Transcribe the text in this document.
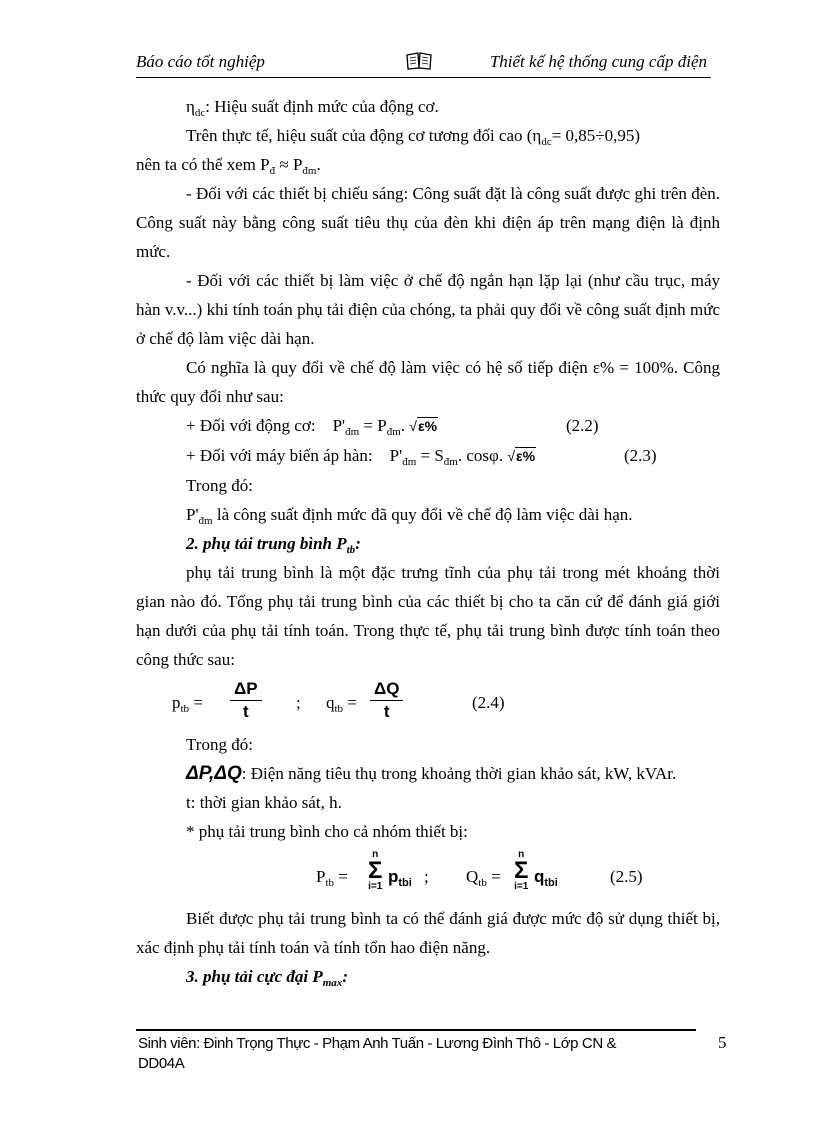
Báo cáo tốt nghiệp	Thiết kế hệ thống cung cấp điện

$\eta_{dc}$: Hiệu suất định mức của động cơ.

Trên thực tế, hiệu suất của động cơ tương đối cao $(\eta_{dc}= 0,85\div 0,95)$
nên ta có thể xem $P_đ \approx P_{đm}$.

- Đối với các thiết bị chiếu sáng: Công suất đặt là công suất được ghi trên đèn. Công suất này bằng công suất tiêu thụ của đèn khi điện áp trên mạng điện là định mức.

- Đối với các thiết bị làm việc ở chế độ ngắn hạn lặp lại (như cầu trục, máy hàn v.v...) khi tính toán phụ tải điện của chóng, ta phải quy đổi về công suất định mức ở chế độ làm việc dài hạn.

Có nghĩa là quy đổi về chế độ làm việc có hệ số tiếp điện ε% = 100%. Công thức quy đổi như sau:

+ Đối với động cơ: $P'_{đm} = P_{đm}$. √ε%	(2.2)

+ Đối với máy biến áp hàn: $P'_{đm} = S_{đm}$. cosφ. √ε%	(2.3)

Trong đó:

$P'_{đm}$ là công suất định mức đã quy đổi về chế độ làm việc dài hạn.

2. phụ tải trung bình $P_{tb}$:

phụ tải trung bình là một đặc trưng tĩnh của phụ tải trong mét khoảng thời gian nào đó. Tổng phụ tải trung bình của các thiết bị cho ta căn cứ để đánh giá giới hạn dưới của phụ tải tính toán. Trong thực tế, phụ tải trung bình được tính toán theo công thức sau:

$p_{tb} = \frac{\Delta P}{t}$ ; $q_{tb} = \frac{\Delta Q}{t}$	(2.4)

Trong đó:

ΔP,ΔQ: Điện năng tiêu thụ trong khoảng thời gian khảo sát, kW, kVAr.

t: thời gian khảo sát, h.

* phụ tải trung bình cho cả nhóm thiết bị:

$P_{tb}$ =
n
Σ
i=1
$p_{tbi}$ ; $Q_{tb}$ =
n
Σ
i=1
$q_{tbi}$	(2.5)

Biết được phụ tải trung bình ta có thể đánh giá được mức độ sử dụng thiết bị, xác định phụ tải tính toán và tính tổn hao điện năng.

3. phụ tải cực đại $P_{max}$:

Sinh viên: Đinh Trọng Thực - Phạm Anh Tuấn - Lương Đình Thô - Lớp CN &
DD04A
5
